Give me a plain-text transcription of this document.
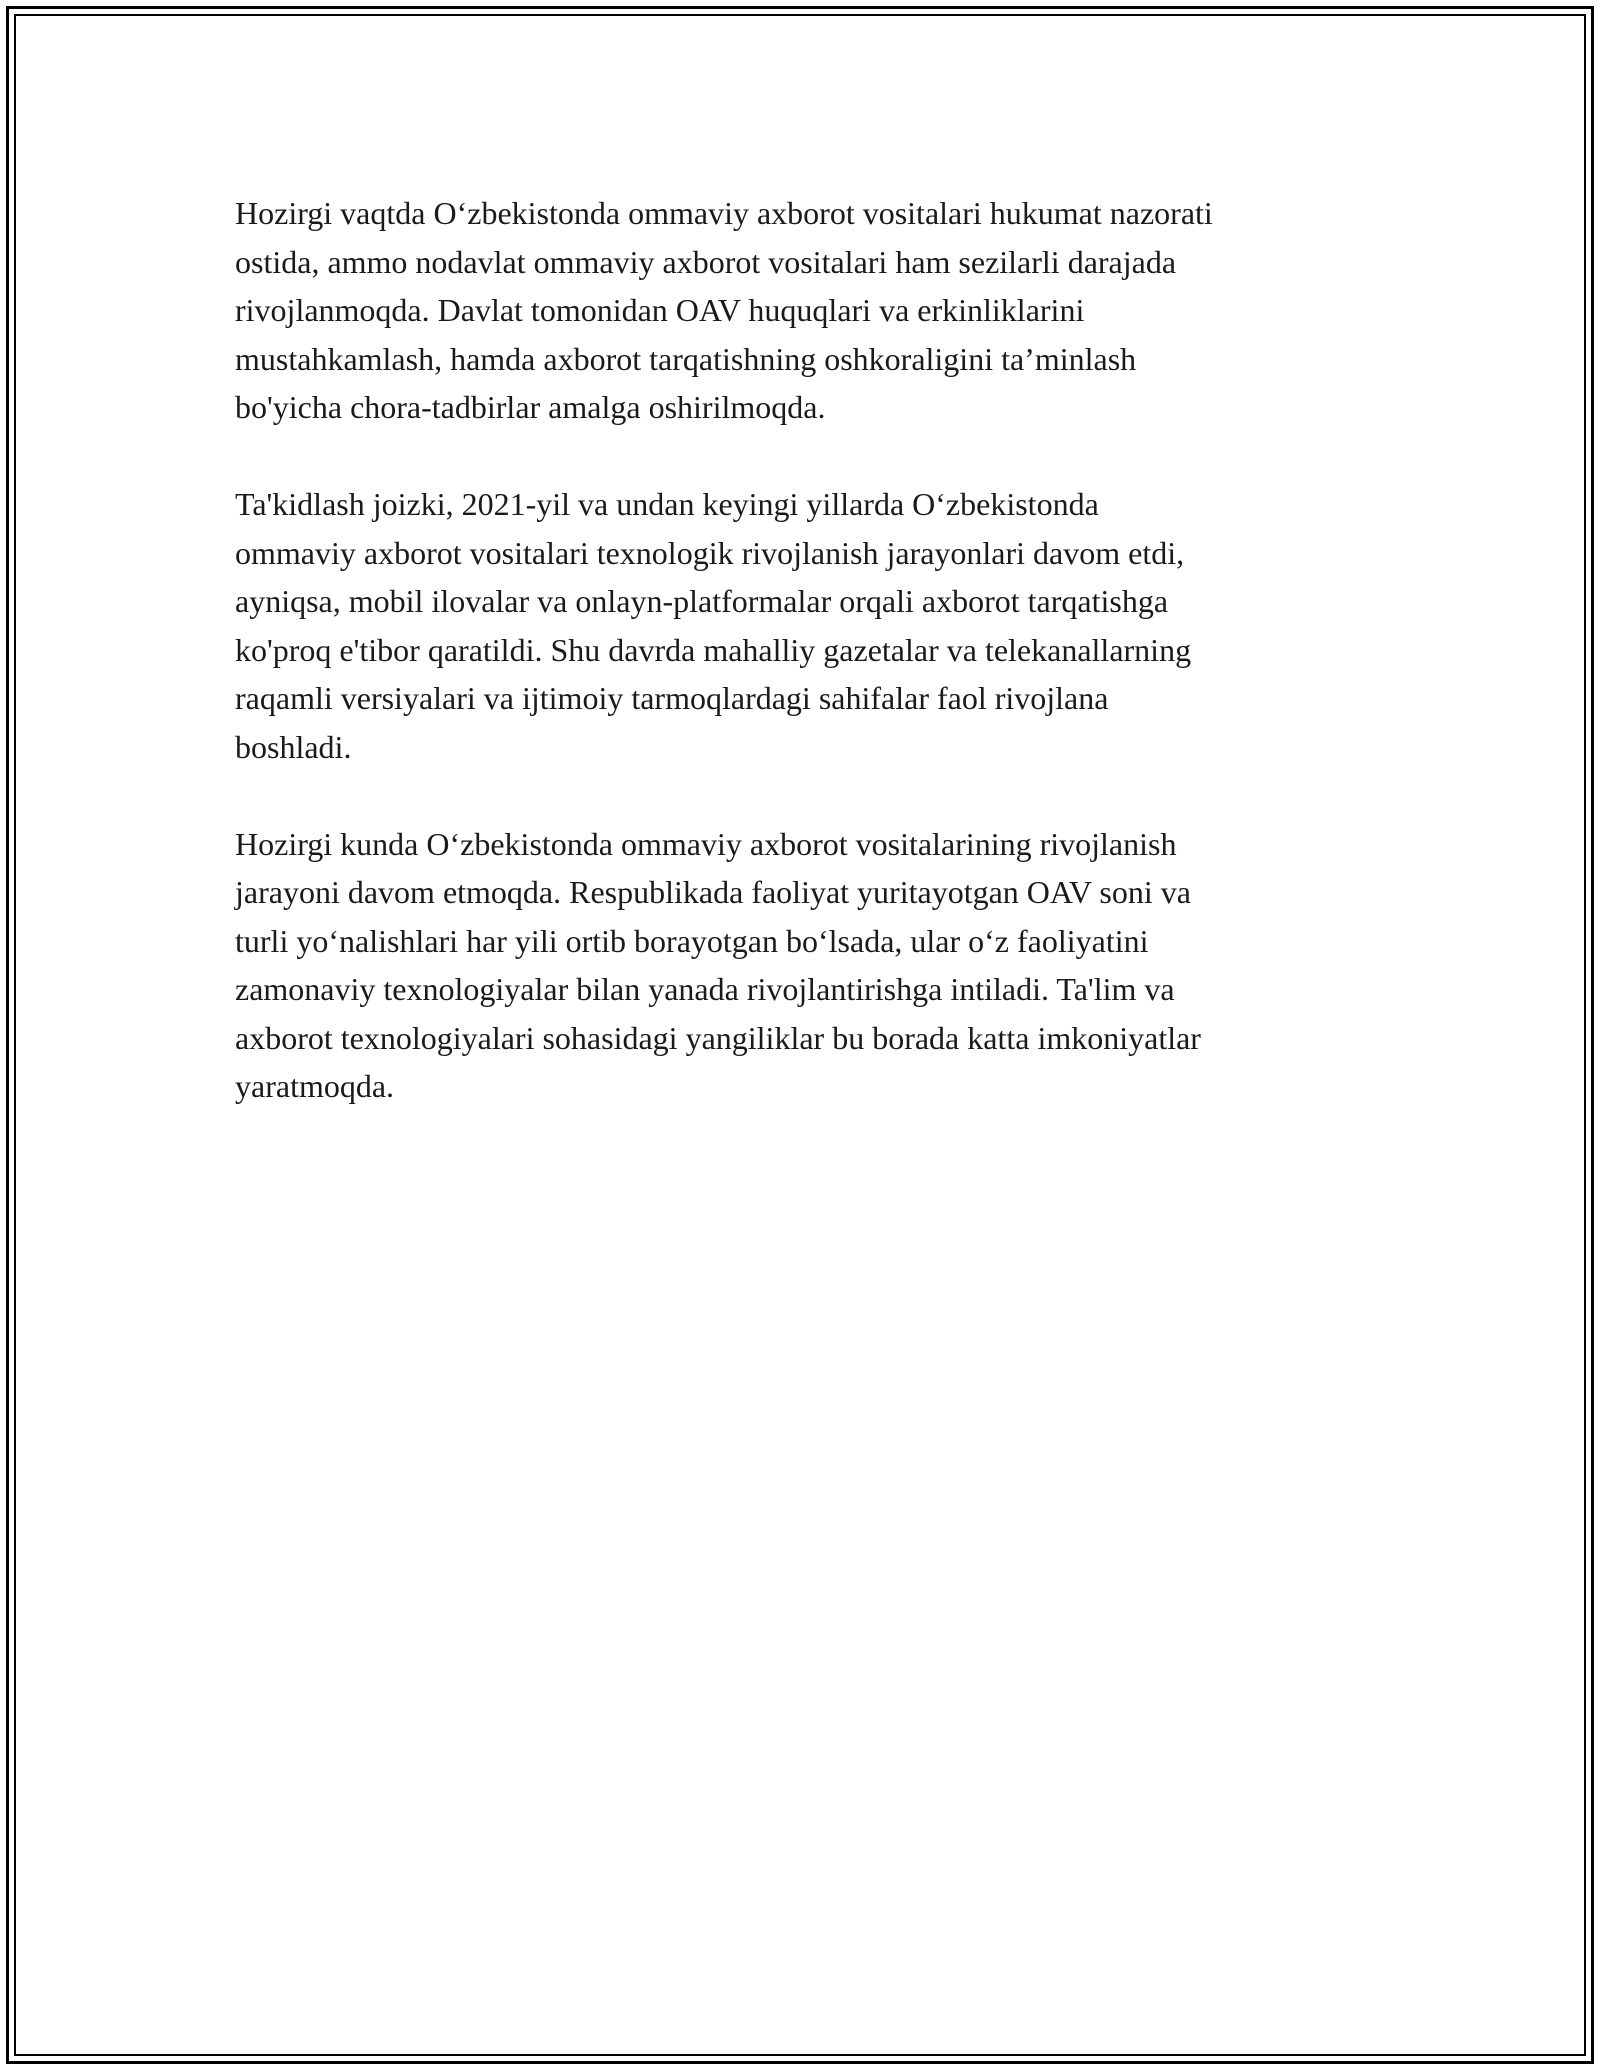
Hozirgi vaqtda O‘zbekistonda ommaviy axborot vositalari hukumat nazorati
ostida, ammo nodavlat ommaviy axborot vositalari ham sezilarli darajada
rivojlanmoqda. Davlat tomonidan OAV huquqlari va erkinliklarini
mustahkamlash, hamda axborot tarqatishning oshkoraligini ta’minlash
bo'yicha chora-tadbirlar amalga oshirilmoqda.

Ta'kidlash joizki, 2021-yil va undan keyingi yillarda O‘zbekistonda
ommaviy axborot vositalari texnologik rivojlanish jarayonlari davom etdi,
ayniqsa, mobil ilovalar va onlayn-platformalar orqali axborot tarqatishga
ko'proq e'tibor qaratildi. Shu davrda mahalliy gazetalar va telekanallarning
raqamli versiyalari va ijtimoiy tarmoqlardagi sahifalar faol rivojlana
boshladi.

Hozirgi kunda O‘zbekistonda ommaviy axborot vositalarining rivojlanish
jarayoni davom etmoqda. Respublikada faoliyat yuritayotgan OAV soni va
turli yo‘nalishlari har yili ortib borayotgan bo‘lsada, ular o‘z faoliyatini
zamonaviy texnologiyalar bilan yanada rivojlantirishga intiladi. Ta'lim va
axborot texnologiyalari sohasidagi yangiliklar bu borada katta imkoniyatlar
yaratmoqda.
